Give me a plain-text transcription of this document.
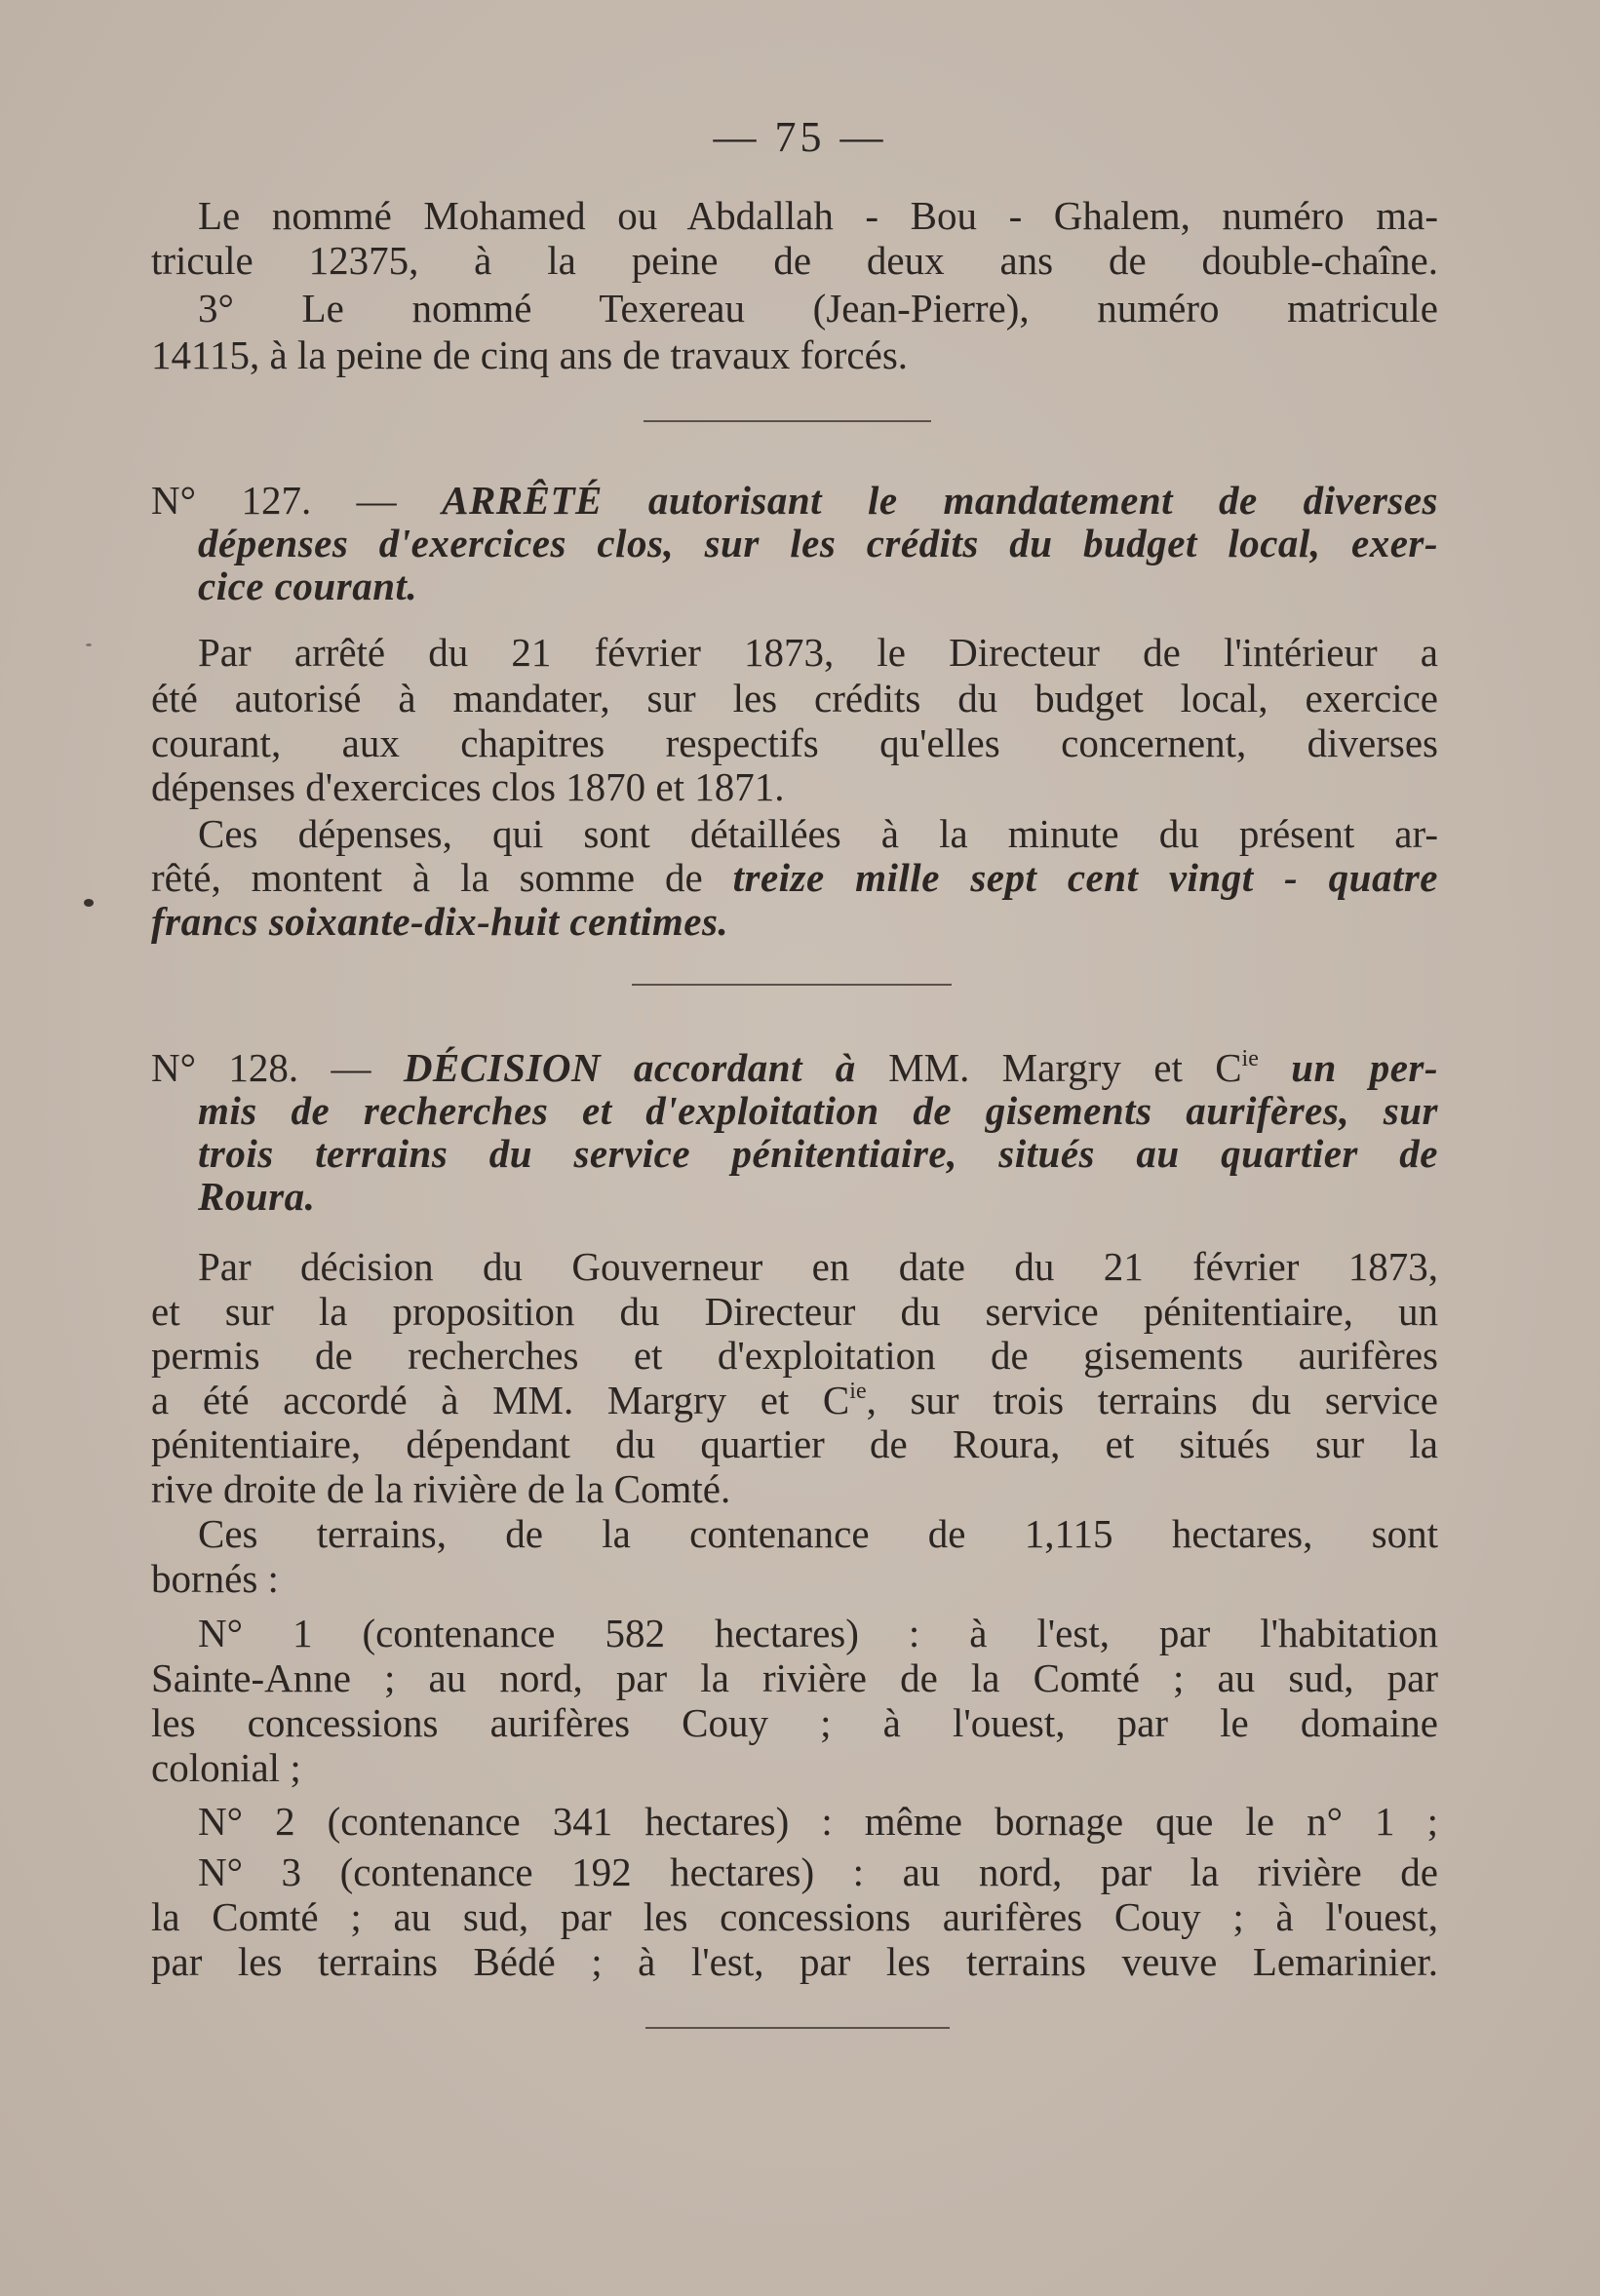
— 75 —
Le nommé Mohamed ou Abdallah - Bou - Ghalem, numéro ma-
tricule 12375, à la peine de deux ans de double-chaîne.
3° Le nommé Texereau (Jean-Pierre), numéro matricule
14115, à la peine de cinq ans de travaux forcés.
N° 127. — ARRÊTÉ autorisant le mandatement de diverses
dépenses d'exercices clos, sur les crédits du budget local, exer-
cice courant.
Par arrêté du 21 février 1873, le Directeur de l'intérieur a
été autorisé à mandater, sur les crédits du budget local, exercice
courant, aux chapitres respectifs qu'elles concernent, diverses
dépenses d'exercices clos 1870 et 1871.
Ces dépenses, qui sont détaillées à la minute du présent ar-
rêté, montent à la somme de treize mille sept cent vingt - quatre
francs soixante-dix-huit centimes.
N° 128. — DÉCISION accordant à MM. Margry et $C^{ie}$ un per-
mis de recherches et d'exploitation de gisements aurifères, sur
trois terrains du service pénitentiaire, situés au quartier de
Roura.
Par décision du Gouverneur en date du 21 février 1873,
et sur la proposition du Directeur du service pénitentiaire, un
permis de recherches et d'exploitation de gisements aurifères
a été accordé à MM. Margry et $C^{ie}$, sur trois terrains du service
pénitentiaire, dépendant du quartier de Roura, et situés sur la
rive droite de la rivière de la Comté.
Ces terrains, de la contenance de 1,115 hectares, sont
bornés :
N° 1 (contenance 582 hectares) : à l'est, par l'habitation
Sainte-Anne ; au nord, par la rivière de la Comté ; au sud, par
les concessions aurifères Couy ; à l'ouest, par le domaine
colonial ;
N° 2 (contenance 341 hectares) : même bornage que le n° 1 ;
N° 3 (contenance 192 hectares) : au nord, par la rivière de
la Comté ; au sud, par les concessions aurifères Couy ; à l'ouest,
par les terrains Bédé ; à l'est, par les terrains veuve Lemarinier.
